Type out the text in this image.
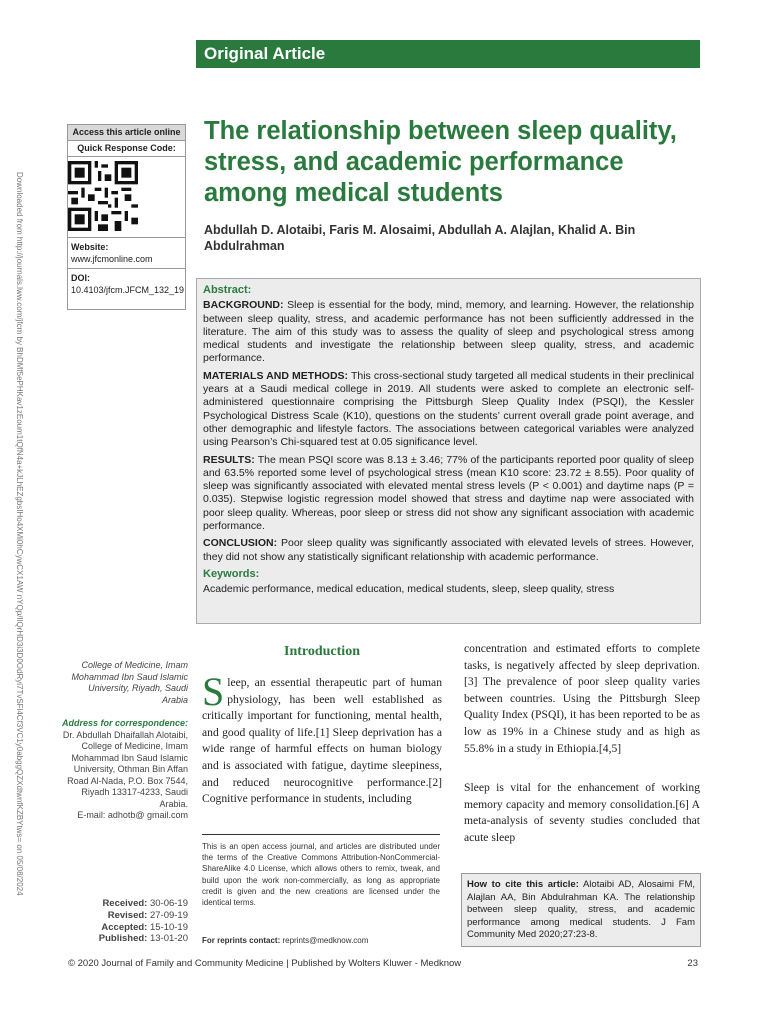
Original Article
Access this article online
Quick Response Code:
Website:
www.jfcmonline.com
DOI:
10.4103/jfcm.JFCM_132_19
Downloaded from http://journals.lww.com/jfcm by BhDMf5ePHKav1zEoum1tQfN4a+kJLhEZgbsIHo4XMi0hCywCX1AW nYQp/IlQrHD3i3D0OdRyi7TvSFl4Cf3VC1y0abggQZXdtwnfKZBYtws= on 05/08/2024
The relationship between sleep quality, stress, and academic performance among medical students
Abdullah D. Alotaibi, Faris M. Alosaimi, Abdullah A. Alajlan, Khalid A. Bin Abdulrahman
Abstract:

BACKGROUND: Sleep is essential for the body, mind, memory, and learning. However, the relationship between sleep quality, stress, and academic performance has not been sufficiently addressed in the literature. The aim of this study was to assess the quality of sleep and psychological stress among medical students and investigate the relationship between sleep quality, stress, and academic performance.

MATERIALS AND METHODS: This cross-sectional study targeted all medical students in their preclinical years at a Saudi medical college in 2019. All students were asked to complete an electronic self-administered questionnaire comprising the Pittsburgh Sleep Quality Index (PSQI), the Kessler Psychological Distress Scale (K10), questions on the students’ current overall grade point average, and other demographic and lifestyle factors. The associations between categorical variables were analyzed using Pearson’s Chi-squared test at 0.05 significance level.

RESULTS: The mean PSQI score was 8.13 ± 3.46; 77% of the participants reported poor quality of sleep and 63.5% reported some level of psychological stress (mean K10 score: 23.72 ± 8.55). Poor quality of sleep was significantly associated with elevated mental stress levels (P < 0.001) and daytime naps (P = 0.035). Stepwise logistic regression model showed that stress and daytime nap were associated with poor sleep quality. Whereas, poor sleep or stress did not show any significant association with academic performance.

CONCLUSION: Poor sleep quality was significantly associated with elevated levels of strees. However, they did not show any statistically significant relationship with academic performance.

Keywords:

Academic performance, medical education, medical students, sleep, sleep quality, stress

College of Medicine, Imam Mohammad Ibn Saud Islamic University, Riyadh, Saudi Arabia
Address for correspondence:
Dr. Abdullah Dhaifallah Alotaibi,
College of Medicine, Imam Mohammad Ibn Saud Islamic University, Othman Bin Affan Road Al-Nada, P.O. Box 7544, Riyadh 13317-4233, Saudi Arabia.
E-mail: adhotb@ gmail.com
Received: 30-06-19
Revised: 27-09-19
Accepted: 15-10-19
Published: 13-01-20
Introduction
Sleep, an essential therapeutic part of human physiology, has been well established as critically important for functioning, mental health, and good quality of life.[1] Sleep deprivation has a wide range of harmful effects on human biology and is associated with fatigue, daytime sleepiness, and reduced neurocognitive performance.[2] Cognitive performance in students, including
concentration and estimated efforts to complete tasks, is negatively affected by sleep deprivation.[3] The prevalence of poor sleep quality varies between countries. Using the Pittsburgh Sleep Quality Index (PSQI), it has been reported to be as low as 19% in a Chinese study and as high as 55.8% in a study in Ethiopia.[4,5]
Sleep is vital for the enhancement of working memory capacity and memory consolidation.[6] A meta-analysis of seventy studies concluded that acute sleep
This is an open access journal, and articles are distributed under the terms of the Creative Commons Attribution-NonCommercial-ShareAlike 4.0 License, which allows others to remix, tweak, and build upon the work non-commercially, as long as appropriate credit is given and the new creations are licensed under the identical terms.
For reprints contact: reprints@medknow.com
How to cite this article: Alotaibi AD, Alosaimi FM, Alajlan AA, Bin Abdulrahman KA. The relationship between sleep quality, stress, and academic performance among medical students. J Fam Community Med 2020;27:23-8.
© 2020 Journal of Family and Community Medicine | Published by Wolters Kluwer - Medknow	23
